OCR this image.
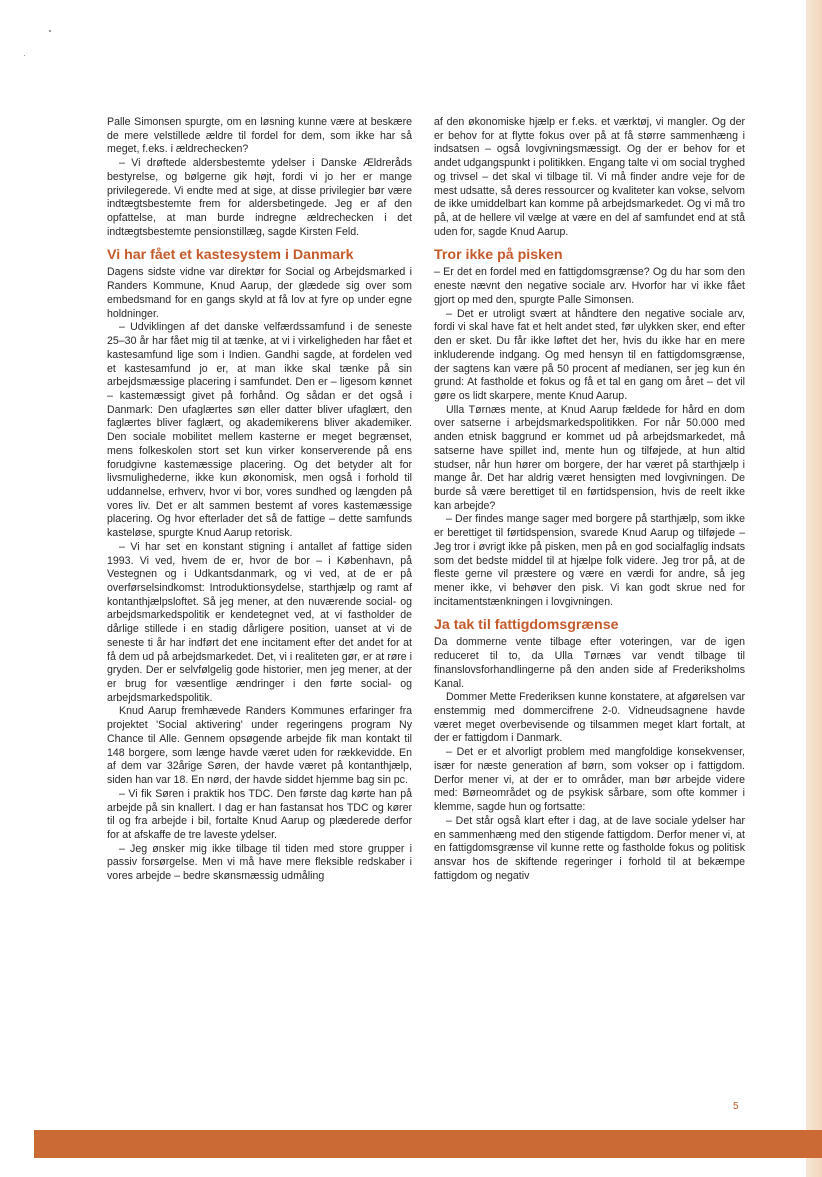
Palle Simonsen spurgte, om en løsning kunne være at beskære de mere velstillede ældre til fordel for dem, som ikke har så meget, f.eks. i ældrechecken?

– Vi drøftede aldersbestemte ydelser i Danske Ældreråds bestyrelse, og bølgerne gik højt, fordi vi jo her er mange privilegerede. Vi endte med at sige, at disse privilegier bør være indtægtsbestemte frem for aldersbetingede. Jeg er af den opfattelse, at man burde indregne ældrechecken i det indtægtsbestemte pensionstillæg, sagde Kirsten Feld.

Vi har fået et kastesystem i Danmark

Dagens sidste vidne var direktør for Social og Arbejdsmarked i Randers Kommune, Knud Aarup, der glædede sig over som embedsmand for en gangs skyld at få lov at fyre op under egne holdninger.

– Udviklingen af det danske velfærdssamfund i de seneste 25–30 år har fået mig til at tænke, at vi i virkeligheden har fået et kastesamfund lige som i Indien. Gandhi sagde, at fordelen ved et kastesamfund jo er, at man ikke skal tænke på sin arbejdsmæssige placering i samfundet. Den er – ligesom kønnet – kastemæssigt givet på forhånd. Og sådan er det også i Danmark: Den ufaglærtes søn eller datter bliver ufaglært, den faglærtes bliver faglært, og akademikerens bliver akademiker. Den sociale mobilitet mellem kasterne er meget begrænset, mens folkeskolen stort set kun virker konserverende på ens forudgivne kastemæssige placering. Og det betyder alt for livsmulighederne, ikke kun økonomisk, men også i forhold til uddannelse, erhverv, hvor vi bor, vores sundhed og længden på vores liv. Det er alt sammen bestemt af vores kastemæssige placering. Og hvor efterlader det så de fattige – dette samfunds kasteløse, spurgte Knud Aarup retorisk.

– Vi har set en konstant stigning i antallet af fattige siden 1993. Vi ved, hvem de er, hvor de bor – i København, på Vestegnen og i Udkantsdanmark, og vi ved, at de er på overførselsindkomst: Introduktionsydelse, starthjælp og ramt af kontanthjælpsloftet. Så jeg mener, at den nuværende social- og arbejdsmarkedspolitik er kendetegnet ved, at vi fastholder de dårlige stillede i en stadig dårligere position, uanset at vi de seneste ti år har indført det ene incitament efter det andet for at få dem ud på arbejdsmarkedet. Det, vi i realiteten gør, er at røre i gryden. Der er selvfølgelig gode historier, men jeg mener, at der er brug for væsentlige ændringer i den førte social- og arbejdsmarkedspolitik.

Knud Aarup fremhævede Randers Kommunes erfaringer fra projektet 'Social aktivering' under regeringens program Ny Chance til Alle. Gennem opsøgende arbejde fik man kontakt til 148 borgere, som længe havde været uden for rækkevidde. En af dem var 32årige Søren, der havde været på kontanthjælp, siden han var 18. En nørd, der havde siddet hjemme bag sin pc.

– Vi fik Søren i praktik hos TDC. Den første dag kørte han på arbejde på sin knallert. I dag er han fastansat hos TDC og kører til og fra arbejde i bil, fortalte Knud Aarup og plæderede derfor for at afskaffe de tre laveste ydelser.

– Jeg ønsker mig ikke tilbage til tiden med store grupper i passiv forsørgelse. Men vi må have mere fleksible redskaber i vores arbejde – bedre skønsmæssig udmåling

af den økonomiske hjælp er f.eks. et værktøj, vi mangler. Og der er behov for at flytte fokus over på at få større sammenhæng i indsatsen – også lovgivningsmæssigt. Og der er behov for et andet udgangspunkt i politikken. Engang talte vi om social tryghed og trivsel – det skal vi tilbage til. Vi må finder andre veje for de mest udsatte, så deres ressourcer og kvaliteter kan vokse, selvom de ikke umiddelbart kan komme på arbejdsmarkedet. Og vi må tro på, at de hellere vil vælge at være en del af samfundet end at stå uden for, sagde Knud Aarup.

Tror ikke på pisken

– Er det en fordel med en fattigdomsgrænse? Og du har som den eneste nævnt den negative sociale arv. Hvorfor har vi ikke fået gjort op med den, spurgte Palle Simonsen.

– Det er utroligt svært at håndtere den negative sociale arv, fordi vi skal have fat et helt andet sted, før ulykken sker, end efter den er sket. Du får ikke løftet det her, hvis du ikke har en mere inkluderende indgang. Og med hensyn til en fattigdomsgrænse, der sagtens kan være på 50 procent af medianen, ser jeg kun én grund: At fastholde et fokus og få et tal en gang om året – det vil gøre os lidt skarpere, mente Knud Aarup.

Ulla Tørnæs mente, at Knud Aarup fældede for hård en dom over satserne i arbejdsmarkedspolitikken. For når 50.000 med anden etnisk baggrund er kommet ud på arbejdsmarkedet, må satserne have spillet ind, mente hun og tilføjede, at hun altid studser, når hun hører om borgere, der har været på starthjælp i mange år. Det har aldrig været hensigten med lovgivningen. De burde så være berettiget til en førtidspension, hvis de reelt ikke kan arbejde?

– Der findes mange sager med borgere på starthjælp, som ikke er berettiget til førtidspension, svarede Knud Aarup og tilføjede – Jeg tror i øvrigt ikke på pisken, men på en god socialfaglig indsats som det bedste middel til at hjælpe folk videre. Jeg tror på, at de fleste gerne vil præstere og være en værdi for andre, så jeg mener ikke, vi behøver den pisk. Vi kan godt skrue ned for incitamentstænkningen i lovgivningen.

Ja tak til fattigdomsgrænse

Da dommerne vente tilbage efter voteringen, var de igen reduceret til to, da Ulla Tørnæs var vendt tilbage til finanslovsforhandlingerne på den anden side af Frederiksholms Kanal.

Dommer Mette Frederiksen kunne konstatere, at afgørelsen var enstemmig med dommercifrene 2-0. Vidneudsagnene havde været meget overbevisende og tilsammen meget klart fortalt, at der er fattigdom i Danmark.

– Det er et alvorligt problem med mangfoldige konsekvenser, især for næste generation af børn, som vokser op i fattigdom. Derfor mener vi, at der er to områder, man bør arbejde videre med: Børneområdet og de psykisk sårbare, som ofte kommer i klemme, sagde hun og fortsatte:

– Det står også klart efter i dag, at de lave sociale ydelser har en sammenhæng med den stigende fattigdom. Derfor mener vi, at en fattigdomsgrænse vil kunne rette og fastholde fokus og politisk ansvar hos de skiftende regeringer i forhold til at bekæmpe fattigdom og negativ

5
